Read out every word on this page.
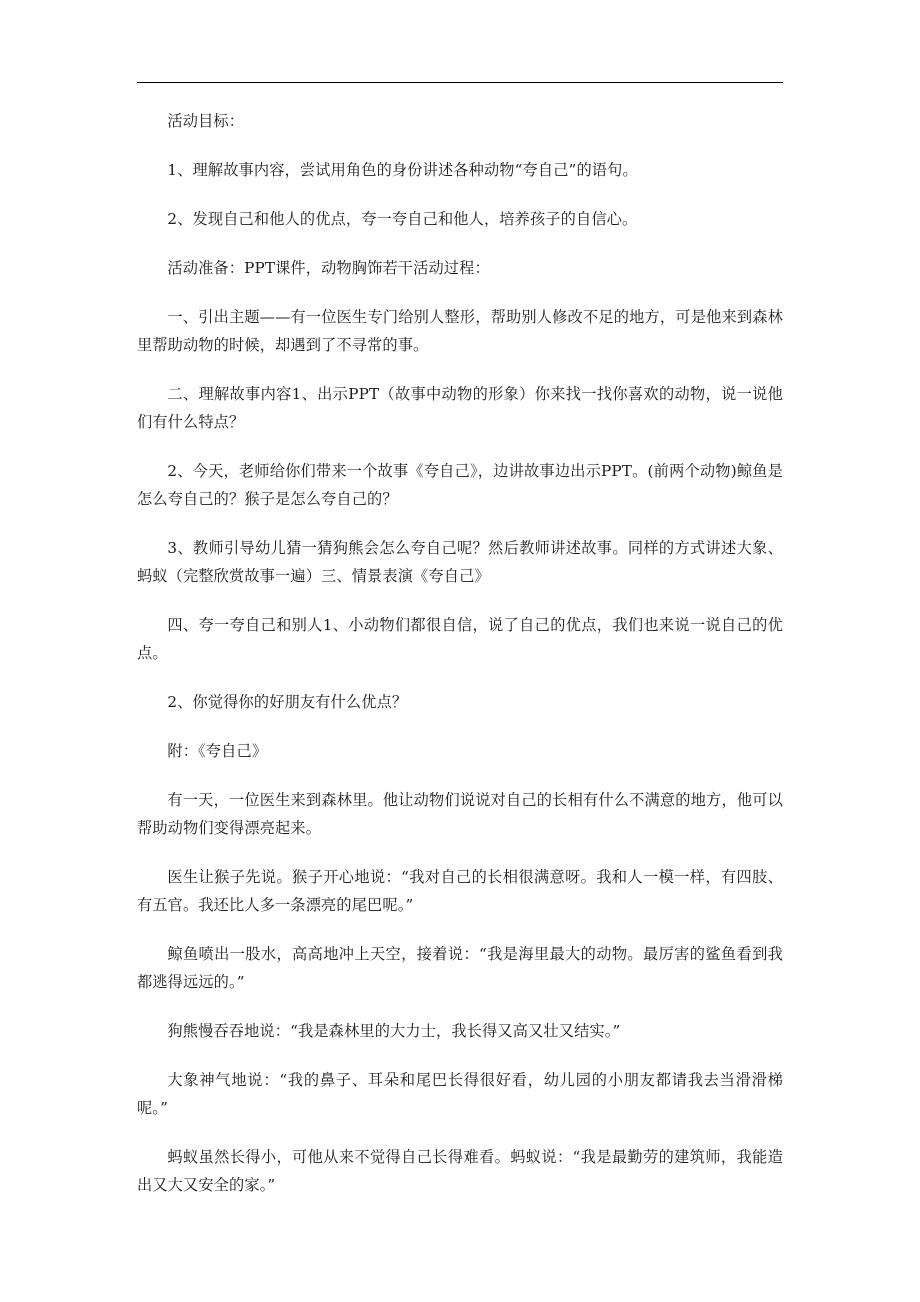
活动目标：

1、理解故事内容，尝试用角色的身份讲述各种动物“夸自己”的语句。

2、发现自己和他人的优点，夸一夸自己和他人，培养孩子的自信心。

活动准备：PPT课件，动物胸饰若干活动过程：

一、引出主题——有一位医生专门给别人整形，帮助别人修改不足的地方，可是他来到森林里帮助动物的时候，却遇到了不寻常的事。

二、理解故事内容1、出示PPT（故事中动物的形象）你来找一找你喜欢的动物，说一说他们有什么特点？

2、今天，老师给你们带来一个故事《夸自己》，边讲故事边出示PPT。(前两个动物)鲸鱼是怎么夸自己的？猴子是怎么夸自己的？

3、教师引导幼儿猜一猜狗熊会怎么夸自己呢？然后教师讲述故事。同样的方式讲述大象、蚂蚁（完整欣赏故事一遍）三、情景表演《夸自己》

四、夸一夸自己和别人1、小动物们都很自信，说了自己的优点，我们也来说一说自己的优点。

2、你觉得你的好朋友有什么优点？

附：《夸自己》

有一天，一位医生来到森林里。他让动物们说说对自己的长相有什么不满意的地方，他可以帮助动物们变得漂亮起来。

医生让猴子先说。猴子开心地说：“我对自己的长相很满意呀。我和人一模一样，有四肢、有五官。我还比人多一条漂亮的尾巴呢。”

鲸鱼喷出一股水，高高地冲上天空，接着说：“我是海里最大的动物。最厉害的鲨鱼看到我都逃得远远的。”

狗熊慢吞吞地说：“我是森林里的大力士，我长得又高又壮又结实。”

大象神气地说：“我的鼻子、耳朵和尾巴长得很好看，幼儿园的小朋友都请我去当滑滑梯呢。”

蚂蚁虽然长得小，可他从来不觉得自己长得难看。蚂蚁说：“我是最勤劳的建筑师，我能造出又大又安全的家。”
